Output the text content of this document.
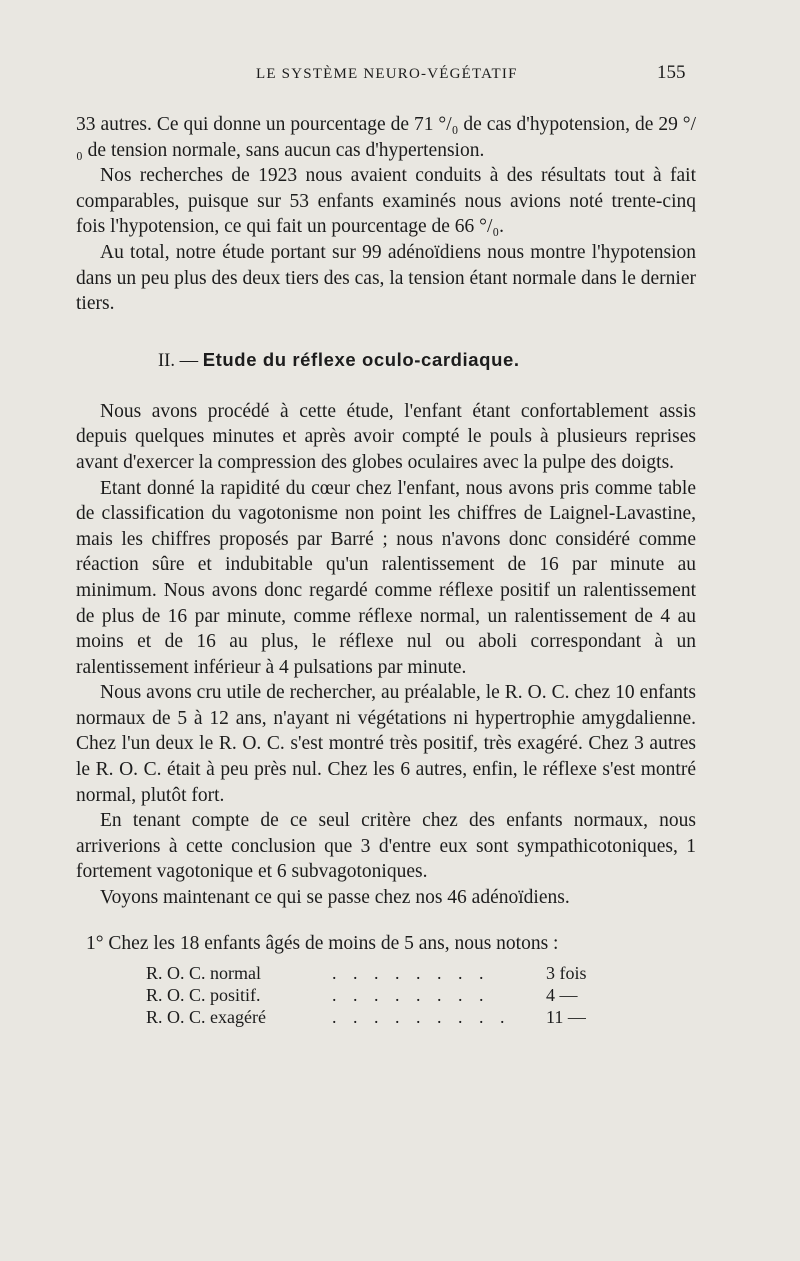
LE SYSTÈME NEURO-VÉGÉTATIF	155

33 autres. Ce qui donne un pourcentage de 71 °/₀ de cas d'hypotension, de 29 °/₀ de tension normale, sans aucun cas d'hypertension.

Nos recherches de 1923 nous avaient conduits à des résultats tout à fait comparables, puisque sur 53 enfants examinés nous avions noté trente-cinq fois l'hypotension, ce qui fait un pourcentage de 66 °/₀.

Au total, notre étude portant sur 99 adénoïdiens nous montre l'hypotension dans un peu plus des deux tiers des cas, la tension étant normale dans le dernier tiers.

II. — Etude du réflexe oculo-cardiaque.

Nous avons procédé à cette étude, l'enfant étant confortablement assis depuis quelques minutes et après avoir compté le pouls à plusieurs reprises avant d'exercer la compression des globes oculaires avec la pulpe des doigts.

Etant donné la rapidité du cœur chez l'enfant, nous avons pris comme table de classification du vagotonisme non point les chiffres de Laignel-Lavastine, mais les chiffres proposés par Barré ; nous n'avons donc considéré comme réaction sûre et indubitable qu'un ralentissement de 16 par minute au minimum. Nous avons donc regardé comme réflexe positif un ralentissement de plus de 16 par minute, comme réflexe normal, un ralentissement de 4 au moins et de 16 au plus, le réflexe nul ou aboli correspondant à un ralentissement inférieur à 4 pulsations par minute.

Nous avons cru utile de rechercher, au préalable, le R. O. C. chez 10 enfants normaux de 5 à 12 ans, n'ayant ni végétations ni hypertrophie amygdalienne. Chez l'un deux le R. O. C. s'est montré très positif, très exagéré. Chez 3 autres le R. O. C. était à peu près nul. Chez les 6 autres, enfin, le réflexe s'est montré normal, plutôt fort.

En tenant compte de ce seul critère chez des enfants normaux, nous arriverions à cette conclusion que 3 d'entre eux sont sympathicotoniques, 1 fortement vagotonique et 6 subvagotoniques.

Voyons maintenant ce qui se passe chez nos 46 adénoïdiens.

1° Chez les 18 enfants âgés de moins de 5 ans, nous notons :

R. O. C. normal	. . . . . . . .	3 fois
R. O. C. positif.	. . . . . . . .	4 —
R. O. C. exagéré	. . . . . . . . .	11 —
